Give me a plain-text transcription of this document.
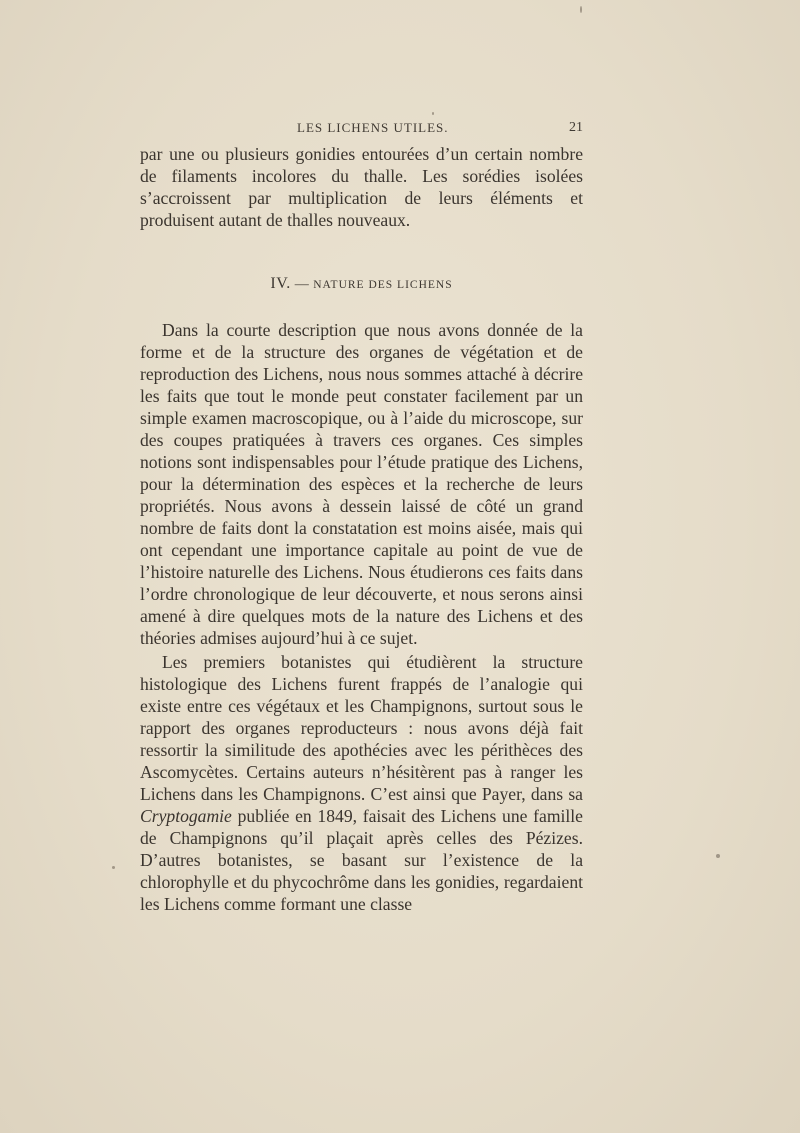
LES LICHENS UTILES.	21

par une ou plusieurs gonidies entourées d’un certain nombre de filaments incolores du thalle. Les sorédies isolées s’accroissent par multiplication de leurs éléments et produisent autant de thalles nouveaux.

IV. — NATURE DES LICHENS

Dans la courte description que nous avons donnée de la forme et de la structure des organes de végétation et de reproduction des Lichens, nous nous sommes attaché à décrire les faits que tout le monde peut constater facilement par un simple examen macroscopique, ou à l’aide du microscope, sur des coupes pratiquées à travers ces organes. Ces simples notions sont indispensables pour l’étude pratique des Lichens, pour la détermination des espèces et la recherche de leurs propriétés. Nous avons à dessein laissé de côté un grand nombre de faits dont la constatation est moins aisée, mais qui ont cependant une importance capitale au point de vue de l’histoire naturelle des Lichens. Nous étudierons ces faits dans l’ordre chronologique de leur découverte, et nous serons ainsi amené à dire quelques mots de la nature des Lichens et des théories admises aujourd’hui à ce sujet.

Les premiers botanistes qui étudièrent la structure histologique des Lichens furent frappés de l’analogie qui existe entre ces végétaux et les Champignons, surtout sous le rapport des organes reproducteurs : nous avons déjà fait ressortir la similitude des apothécies avec les périthèces des Ascomycètes. Certains auteurs n’hésitèrent pas à ranger les Lichens dans les Champignons. C’est ainsi que Payer, dans sa Cryptogamie publiée en 1849, faisait des Lichens une famille de Champignons qu’il plaçait après celles des Pézizes. D’autres botanistes, se basant sur l’existence de la chlorophylle et du phycochrôme dans les gonidies, regardaient les Lichens comme formant une classe
